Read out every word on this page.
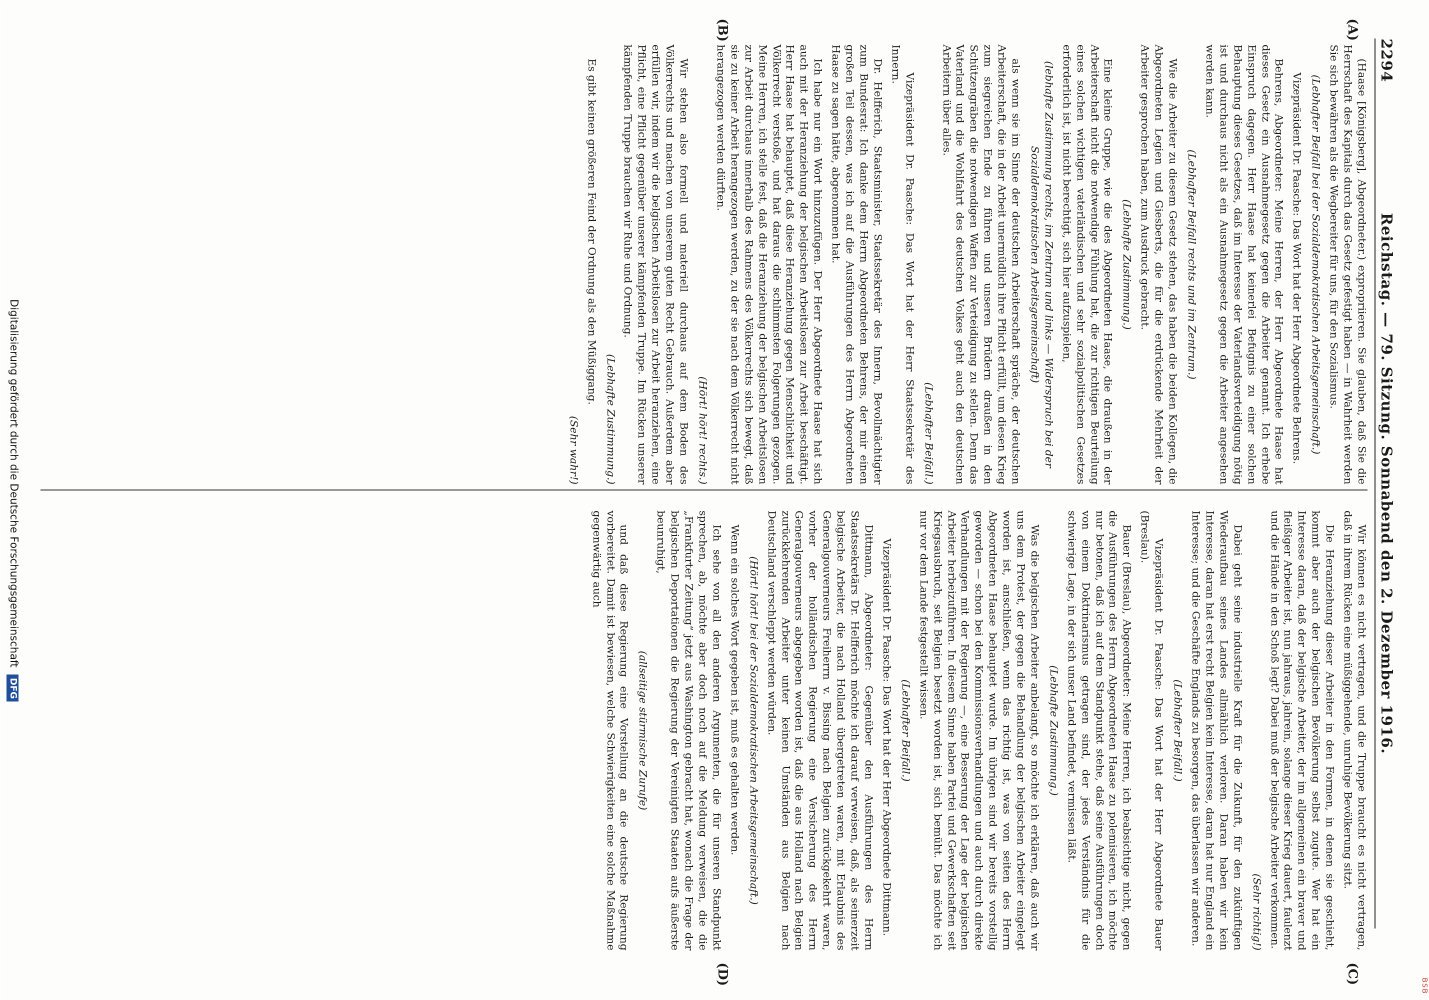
BSB
2294
Reichstag. — 79. Sitzung. Sonnabend den 2. Dezember 1916.
(A)
(B)
(C)
(D)

(Haase [Königsberg], Abgeordneter.) expropriieren. Sie glauben, daß Sie die Herrschaft des Kapitals durch das Gesetz gefestigt haben — in Wahrheit werden Sie sich bewähren als die Wegbereiter für uns, für den Sozialismus.

(Lebhafter Beifall bei der Sozialdemokratischen Arbeitsgemeinschaft.)

Vizepräsident Dr. Paasche: Das Wort hat der Herr Abgeordnete Behrens.

Behrens, Abgeordneter: Meine Herren, der Herr Abgeordnete Haase hat dieses Gesetz ein Ausnahmegesetz gegen die Arbeiter genannt. Ich erhebe Einspruch dagegen. Herr Haase hat keinerlei Befugnis zu einer solchen Behauptung dieses Gesetzes, daß im Interesse der Vaterlandsverteidigung nötig ist und durchaus nicht als ein Ausnahmegesetz gegen die Arbeiter angesehen werden kann.

(Lebhafter Beifall rechts und im Zentrum.)

Wie die Arbeiter zu diesem Gesetz stehen, das haben die beiden Kollegen, die Abgeordneten Legien und Giesberts, die für die erdrückende Mehrheit der Arbeiter gesprochen haben, zum Ausdruck gebracht.

(Lebhafte Zustimmung.)

Eine kleine Gruppe, wie die des Abgeordneten Haase, die draußen in der Arbeiterschaft nicht die notwendige Fühlung hat, die zur richtigen Beurteilung eines solchen wichtigen vaterländischen und sehr sozialpolitischen Gesetzes erforderlich ist, ist nicht berechtigt, sich hier aufzuspielen,

(lebhafte Zustimmung rechts, im Zentrum und links — Widerspruch bei der Sozialdemokratischen Arbeitsgemeinschaft)

als wenn sie im Sinne der deutschen Arbeiterschaft spräche, der deutschen Arbeiterschaft, die in der Arbeit unermüdlich ihre Pflicht erfüllt, um diesen Krieg zum siegreichen Ende zu führen und unseren Brüdern draußen in den Schützengräben die notwendigen Waffen zur Verteidigung zu stellen. Denn das Vaterland und die Wohlfahrt des deutschen Volkes geht auch den deutschen Arbeitern über alles.

(Lebhafter Beifall.)

Vizepräsident Dr. Paasche: Das Wort hat der Herr Staatssekretär des Innern.

Dr. Helfferich, Staatsminister, Staatssekretär des Innern, Bevollmächtigter zum Bundesrat: Ich danke dem Herrn Abgeordneten Behrens, der mir einen großen Teil dessen, was ich auf die Ausführungen des Herrn Abgeordneten Haase zu sagen hätte, abgenommen hat.

Ich habe nur ein Wort hinzuzufügen. Der Herr Abgeordnete Haase hat sich auch mit der Heranziehung der belgischen Arbeitslosen zur Arbeit beschäftigt. Herr Haase hat behauptet, daß diese Heranziehung gegen Menschlichkeit und Völkerrecht verstoße, und hat daraus die schlimmsten Folgerungen gezogen. Meine Herren, ich stelle fest, daß die Heranziehung der belgischen Arbeitslosen zur Arbeit durchaus innerhalb des Rahmens des Völkerrechts sich bewegt, daß sie zu keiner Arbeit herangezogen werden, zu der sie nach dem Völkerrecht nicht herangezogen werden dürften.

(Hört! hört! rechts.)

Wir stehen also formell und materiell durchaus auf dem Boden des Völkerrechts und machen von unserem guten Recht Gebrauch. Außerdem aber erfüllen wir, indem wir die belgischen Arbeitslosen zur Arbeit heranziehen, eine Pflicht, eine Pflicht gegenüber unserer kämpfenden Truppe. Im Rücken unserer kämpfenden Truppe brauchen wir Ruhe und Ordnung.

(Lebhafte Zustimmung.)

Es gibt keinen größeren Feind der Ordnung als den Müßiggang.

(Sehr wahr!)

Wir können es nicht vertragen, und die Truppe braucht es nicht vertragen, daß in ihrem Rücken eine müßiggehende, unruhige Bevölkerung sitzt.

Die Heranziehung dieser Arbeiter in den Formen, in denen sie geschieht, kommt aber auch der belgischen Bevölkerung selbst zugute. Wer hat ein Interesse daran, daß der belgische Arbeiter, der im allgemeinen ein braver und fleißiger Arbeiter ist, nun jahraus, jahrein, solange dieser Krieg dauert, faulenzt und die Hände in den Schoß legt? Dabei muß der belgische Arbeiter verkommen.

(Sehr richtig!)

Dabei geht seine industrielle Kraft für die Zukunft, für den zukünftigen Wiederaufbau seines Landes allmählich verloren. Daran haben wir kein Interesse, daran hat erst recht Belgien kein Interesse, daran hat nur England ein Interesse; und die Geschäfte Englands zu besorgen, das überlassen wir anderen.

(Lebhafter Beifall.)

Vizepräsident Dr. Paasche: Das Wort hat der Herr Abgeordnete Bauer (Breslau).

Bauer (Breslau), Abgeordneter: Meine Herren, ich beabsichtige nicht, gegen die Ausführungen des Herrn Abgeordneten Haase zu polemisieren, ich möchte nur betonen, daß ich auf dem Standpunkt stehe, daß seine Ausführungen doch von einem Doktrinarismus getragen sind, der jedes Verständnis für die schwierige Lage, in der sich unser Land befindet, vermissen läßt.

(Lebhafte Zustimmung.)

Was die belgischen Arbeiter anbelangt, so möchte ich erklären, daß auch wir uns dem Protest, der gegen die Behandlung der belgischen Arbeiter eingelegt worden ist, anschließen, wenn das richtig ist, was von seiten des Herrn Abgeordneten Haase behauptet wurde. Im übrigen sind wir bereits vorstellig geworden — schon bei den Kommissionsverhandlungen und auch durch direkte Verhandlungen mit der Regierung —, eine Besserung der Lage der belgischen Arbeiter herbeizuführen. In diesem Sinne haben Partei und Gewerkschaften seit Kriegsausbruch, seit Belgien besetzt worden ist, sich bemüht. Das möchte ich nur vor dem Lande festgestellt wissen.

(Lebhafter Beifall.)

Vizepräsident Dr. Paasche: Das Wort hat der Herr Abgeordnete Dittmann.

Dittmann, Abgeordneter: Gegenüber den Ausführungen des Herrn Staatssekretärs Dr. Helfferich möchte ich darauf verweisen, daß, als seinerzeit belgische Arbeiter, die nach Holland übergetreten waren, mit Erlaubnis des Generalgouverneurs Freiherrn v. Bissing nach Belgien zurückgekehrt waren, vorher der holländischen Regierung eine Versicherung des Herrn Generalgouverneurs abgegeben worden ist, daß die aus Holland nach Belgien zurückkehrenden Arbeiter unter keinen Umständen aus Belgien nach Deutschland verschleppt werden würden.

(Hört! hört! bei der Sozialdemokratischen Arbeitsgemeinschaft.)

Wenn ein solches Wort gegeben ist, muß es gehalten werden.

Ich sehe von all den anderen Argumenten, die für unseren Standpunkt sprechen, ab, möchte aber doch noch auf die Meldung verweisen, die die „Frankfurter Zeitung“ jetzt aus Washington gebracht hat, wonach die Frage der belgischen Deportationen die Regierung der Vereinigten Staaten aufs äußerste beunruhigt,

(allseitige stürmische Zurufe)

und daß diese Regierung eine Vorstellung an die deutsche Regierung vorbereitet. Damit ist bewiesen, welche Schwierigkeiten eine solche Maßnahme gegenwärtig auch

Digitalisierung gefördert durch die Deutsche Forschungsgemeinschaft DFG
